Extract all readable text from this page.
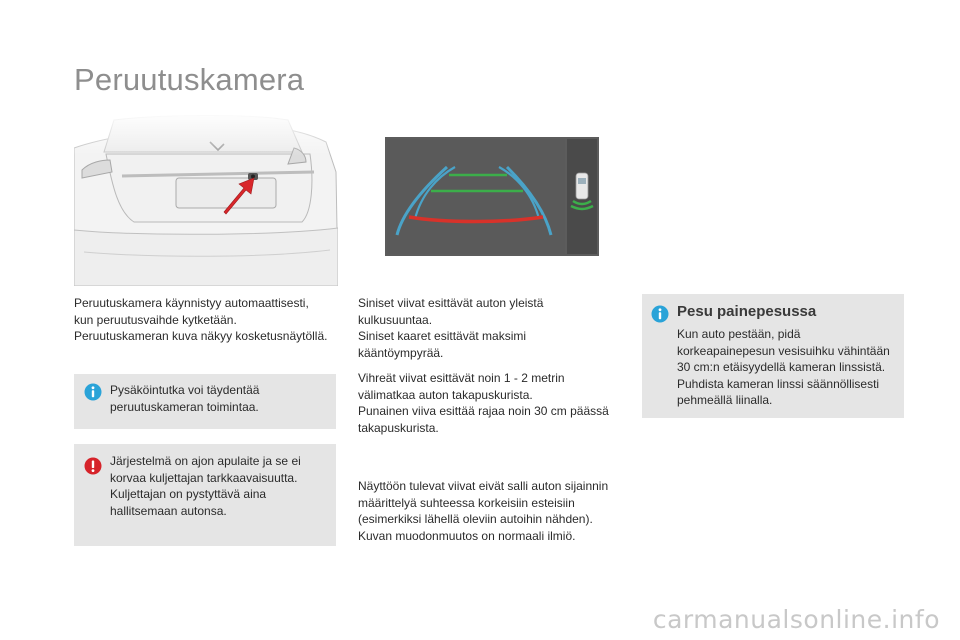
Peruutuskamera

Peruutuskamera käynnistyy automaattisesti,

kun peruutusvaihde kytketään.

Peruutuskameran kuva näkyy kosketusnäytöllä.

Pysäköintutka voi täydentää

peruutuskameran toimintaa.

Järjestelmä on ajon apulaite ja se ei

korvaa kuljettajan tarkkaavaisuutta.

Kuljettajan on pystyttävä aina

hallitsemaan autonsa.

Siniset viivat esittävät auton yleistä

kulkusuuntaa.

Siniset kaaret esittävät maksimi

kääntöympyrää.

Vihreät viivat esittävät noin 1 - 2 metrin

välimatkaa auton takapuskurista.

Punainen viiva esittää rajaa noin 30 cm päässä

takapuskurista.

Näyttöön tulevat viivat eivät salli auton sijainnin

määrittelyä suhteessa korkeisiin esteisiin

(esimerkiksi lähellä oleviin autoihin nähden).

Kuvan muodonmuutos on normaali ilmiö.

Pesu painepesussa

Kun auto pestään, pidä

korkeapainepesun vesisuihku vähintään

30 cm:n etäisyydellä kameran linssistä.

Puhdista kameran linssi säännöllisesti

pehmeällä liinalla.

carmanualsonline.info
